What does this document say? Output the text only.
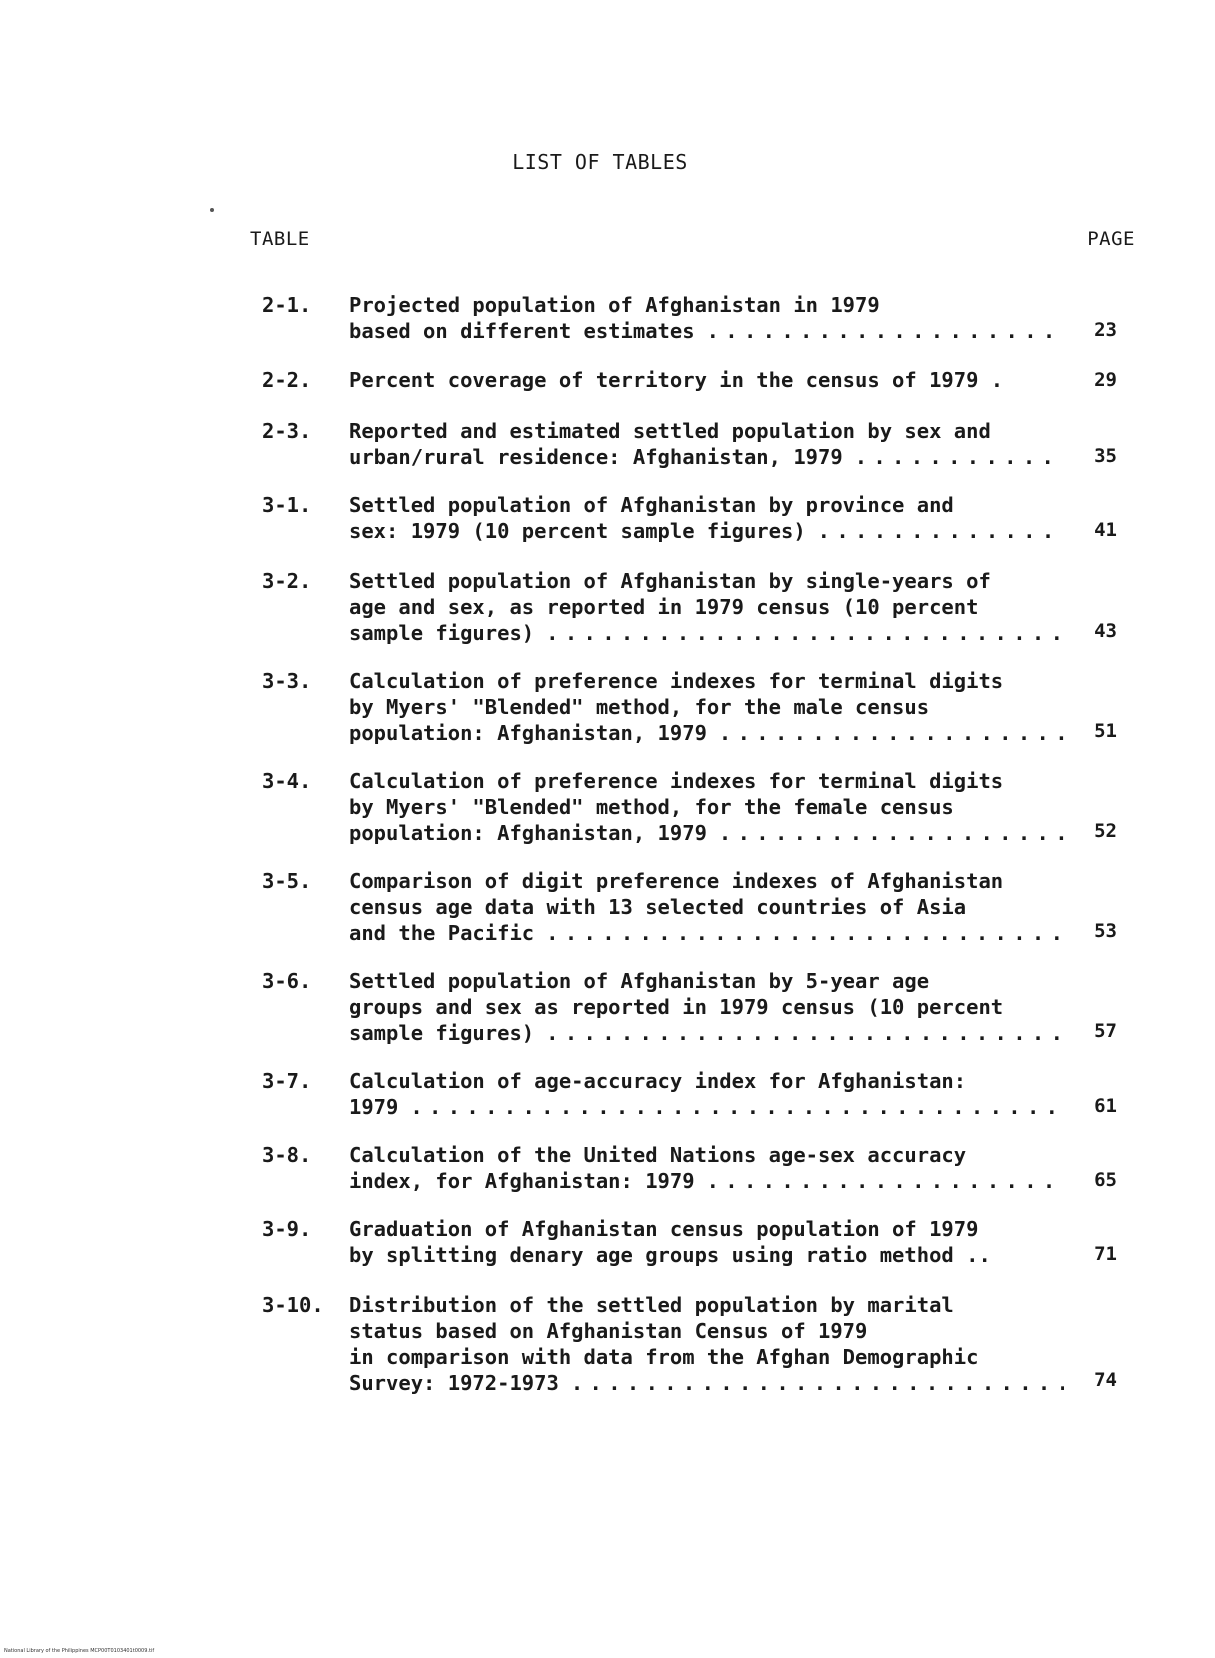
LIST OF TABLES
TABLE	PAGE
2-1.	Projected population of Afghanistan in 1979
based on different estimates . . .	23
2-2.	Percent coverage of territory in the census of 1979 .	29
2-3.	Reported and estimated settled population by sex and
urban/rural residence: Afghanistan, 1979 . . .	35
3-1.	Settled population of Afghanistan by province and
sex: 1979 (10 percent sample figures) . . .	41
3-2.	Settled population of Afghanistan by single-years of
age and sex, as reported in 1979 census (10 percent
sample figures) . . .	43
3-3.	Calculation of preference indexes for terminal digits
by Myers' "Blended" method, for the male census
population: Afghanistan, 1979 . . .	51
3-4.	Calculation of preference indexes for terminal digits
by Myers' "Blended" method, for the female census
population: Afghanistan, 1979 . . .	52
3-5.	Comparison of digit preference indexes of Afghanistan
census age data with 13 selected countries of Asia
and the Pacific . . .	53
3-6.	Settled population of Afghanistan by 5-year age
groups and sex as reported in 1979 census (10 percent
sample figures) . . .	57
3-7.	Calculation of age-accuracy index for Afghanistan:
1979 . . .	61
3-8.	Calculation of the United Nations age-sex accuracy
index, for Afghanistan: 1979 . . .	65
3-9.	Graduation of Afghanistan census population of 1979
by splitting denary age groups using ratio method ..	71
3-10.	Distribution of the settled population by marital
status based on Afghanistan Census of 1979
in comparison with data from the Afghan Demographic
Survey: 1972-1973 . . .	74
National Library of the Philippines MCP00T0103401t0009.tif
